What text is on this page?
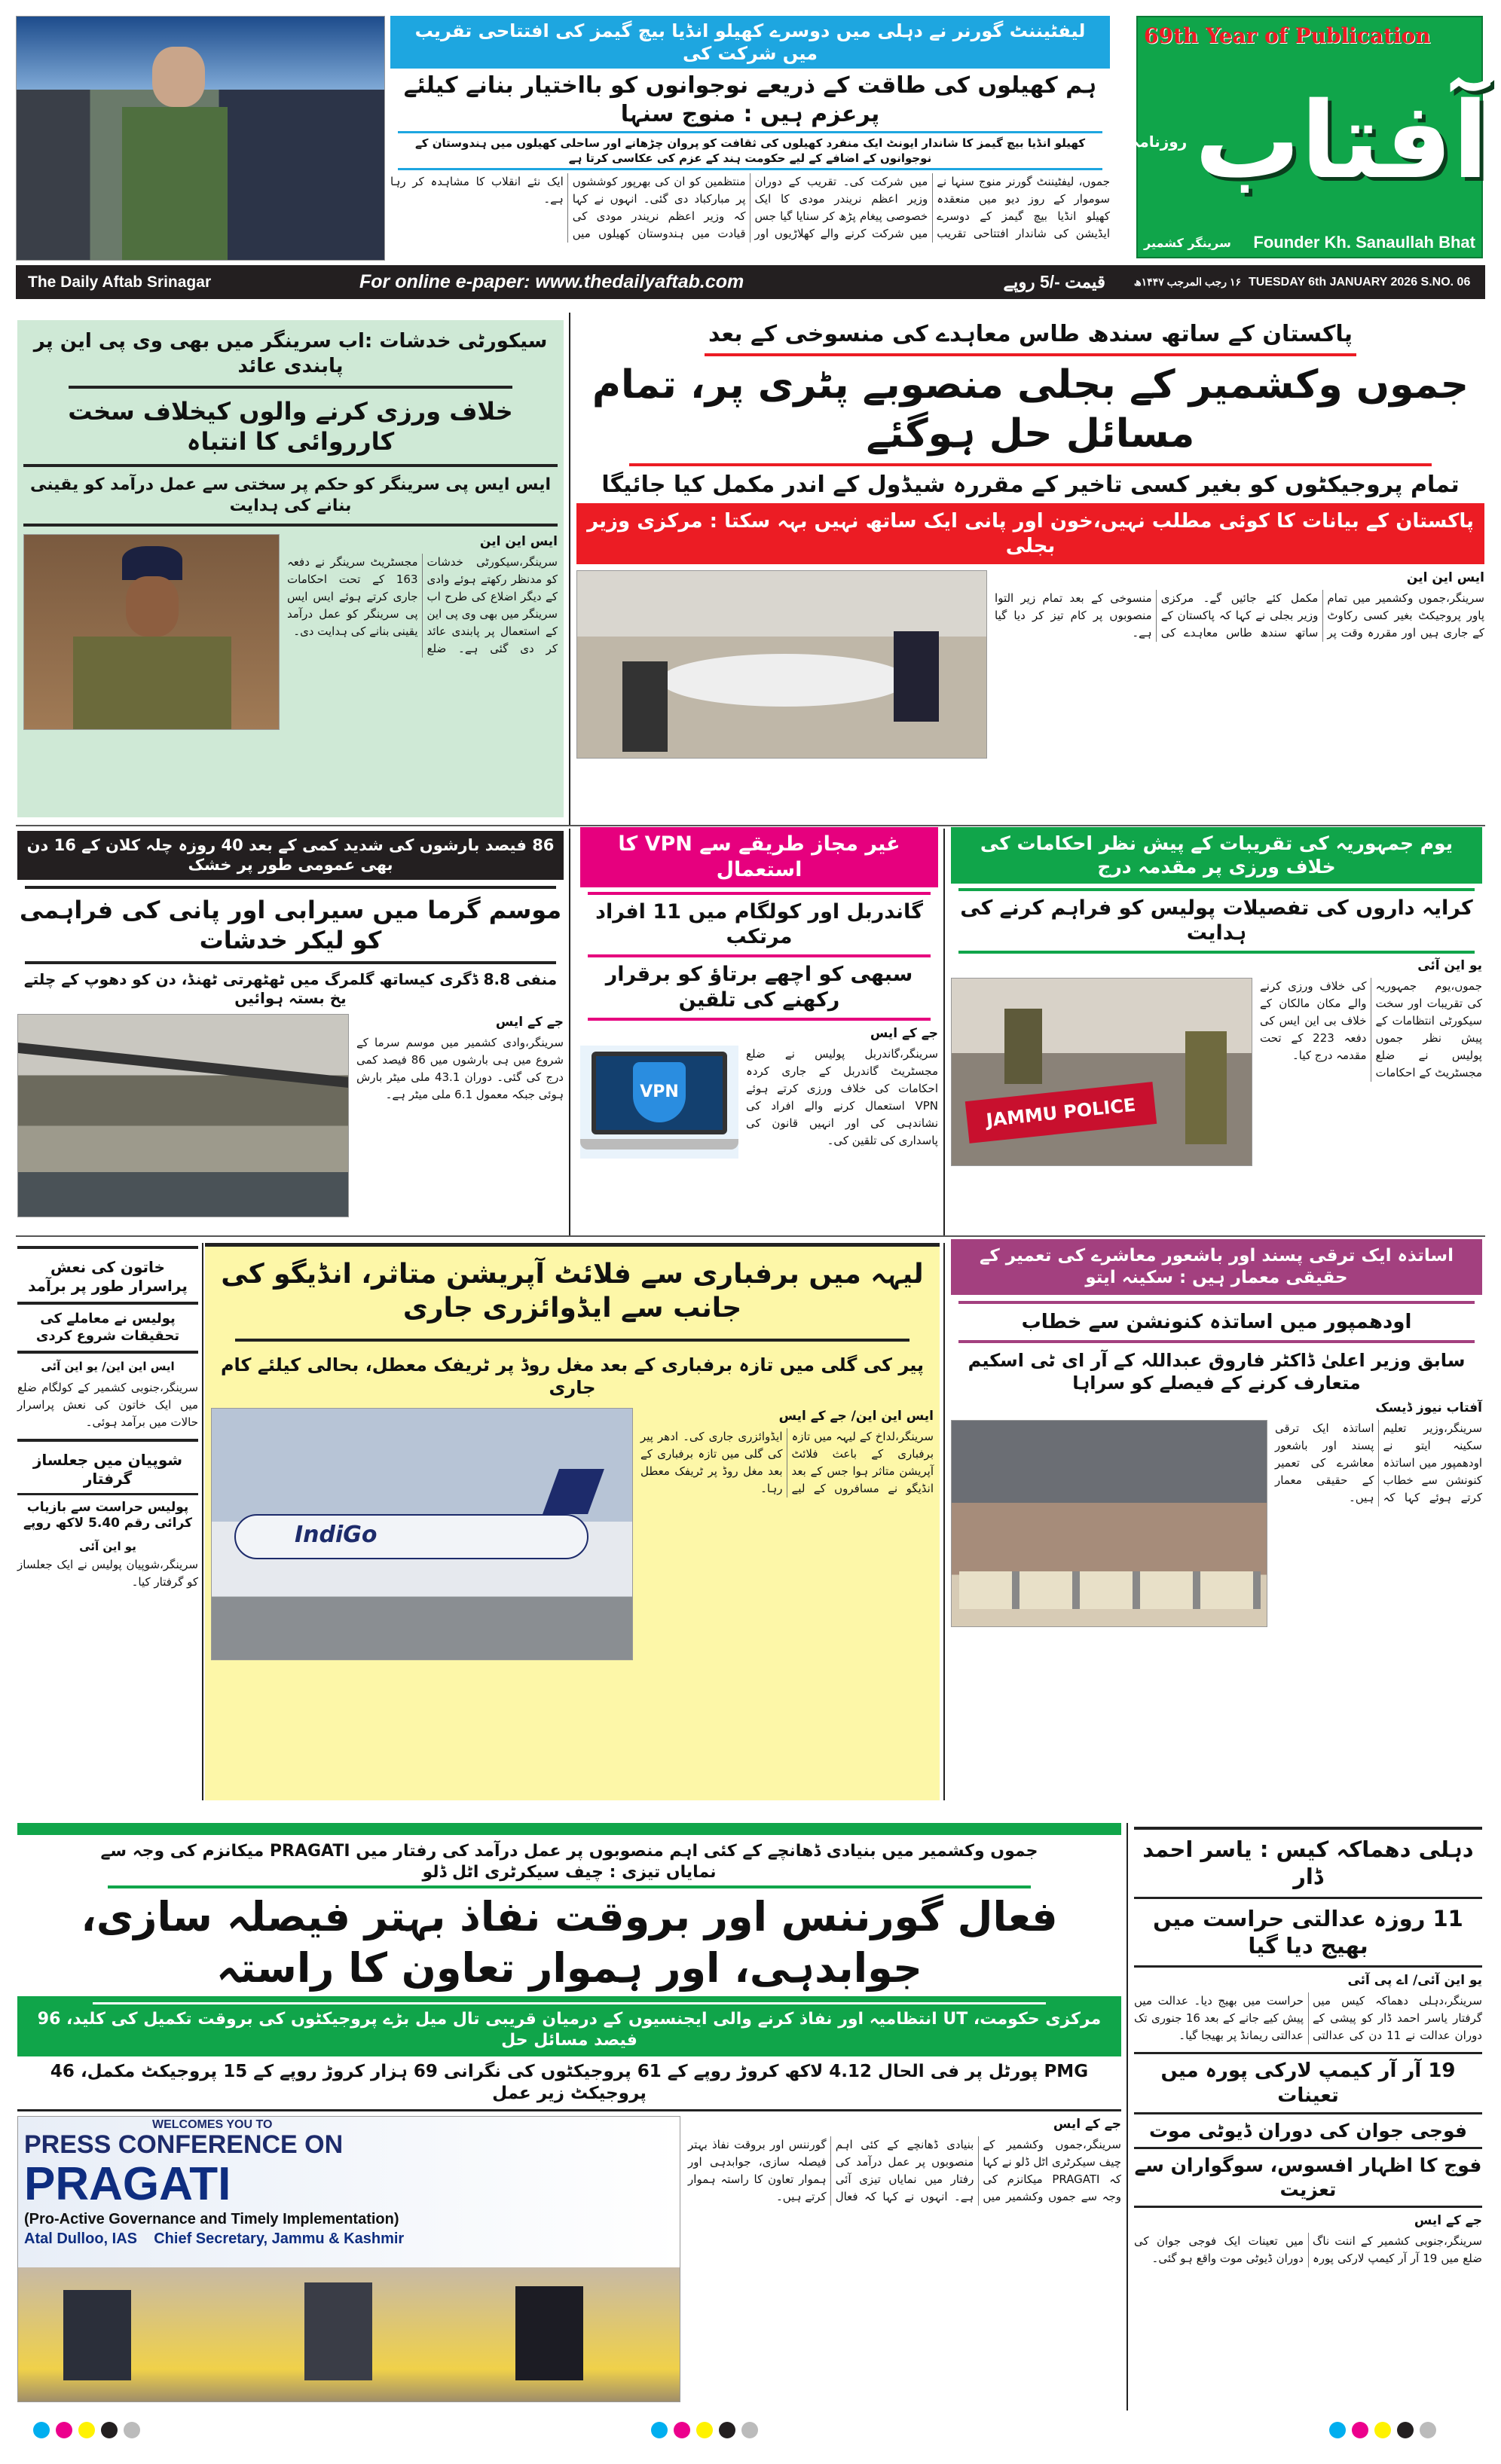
لیفٹیننٹ گورنر نے دہلی میں دوسرے کھیلو انڈیا بیچ گیمز کی افتتاحی تقریب میں شرکت کی
ہم کھیلوں کی طاقت کے ذریعے نوجوانوں کو بااختیار بنانے کیلئے پرعزم ہیں : منوج سنہا
کھیلو انڈیا بیچ گیمز کا شاندار ایونٹ ایک منفرد کھیلوں کی ثقافت کو پروان چڑھانے اور ساحلی کھیلوں میں ہندوستان کے نوجوانوں کے اضافے کے لیے حکومت ہند کے عزم کی عکاسی کرتا ہے
جموں، لیفٹیننٹ گورنر منوج سنہا نے سوموار کے روز دیو میں منعقدہ کھیلو انڈیا بیچ گیمز کے دوسرے ایڈیشن کی شاندار افتتاحی تقریب میں شرکت کی۔ تقریب کے دوران وزیر اعظم نریندر مودی کا ایک خصوصی پیغام پڑھ کر سنایا گیا جس میں شرکت کرنے والے کھلاڑیوں اور منتظمین کو ان کی بھرپور کوششوں پر مبارکباد دی گئی۔ انہوں نے کہا کہ وزیر اعظم نریندر مودی کی قیادت میں ہندوستان کھیلوں میں ایک نئے انقلاب کا مشاہدہ کر رہا ہے۔
69th Year of Publication
روزنامہ آفتاب
سرینگر کشمیر Founder Kh. Sanaullah Bhat
The Daily Aftab Srinagar	For online e-paper: www.thedailyaftab.com	قیمت -/5 روپے	۱۶ رجب المرجب ۱۴۴۷ھ TUESDAY 6th JANUARY 2026 S.NO. 06
سیکورٹی خدشات :اب سرینگر میں بھی وی پی این پر پابندی عائد
خلاف ورزی کرنے والوں کیخلاف سخت کارروائی کا انتباہ
ایس ایس پی سرینگر کو حکم پر سختی سے عمل درآمد کو یقینی بنانے کی ہدایت
ایس این این
سرینگر،سیکورٹی خدشات کو مدنظر رکھتے ہوئے وادی کے دیگر اضلاع کی طرح اب سرینگر میں بھی وی پی این کے استعمال پر پابندی عائد کر دی گئی ہے۔ ضلع مجسٹریٹ سرینگر نے دفعہ 163 کے تحت احکامات جاری کرتے ہوئے ایس ایس پی سرینگر کو عمل درآمد یقینی بنانے کی ہدایت دی۔
پاکستان کے ساتھ سندھ طاس معاہدے کی منسوخی کے بعد
جموں وکشمیر کے بجلی منصوبے پٹری پر، تمام مسائل حل ہوگئے
تمام پروجیکٹوں کو بغیر کسی تاخیر کے مقررہ شیڈول کے اندر مکمل کیا جائیگا
پاکستان کے بیانات کا کوئی مطلب نہیں،خون اور پانی ایک ساتھ نہیں بہہ سکتا : مرکزی وزیر بجلی
ایس این این
سرینگر،جموں وکشمیر میں تمام پاور پروجیکٹ بغیر کسی رکاوٹ کے جاری ہیں اور مقررہ وقت پر مکمل کئے جائیں گے۔ مرکزی وزیر بجلی نے کہا کہ پاکستان کے ساتھ سندھ طاس معاہدے کی منسوخی کے بعد تمام زیر التوا منصوبوں پر کام تیز کر دیا گیا ہے۔
86 فیصد بارشوں کی شدید کمی کے بعد 40 روزہ چلہ کلان کے 16 دن بھی عمومی طور پر خشک
موسم گرما میں سیرابی اور پانی کی فراہمی کو لیکر خدشات
منفی 8.8 ڈگری کیساتھ گلمرگ میں ٹھٹھرتی ٹھنڈ، دن کو دھوپ کے چلتے یخ بستہ ہوائیں
جے کے ایس
سرینگر،وادی کشمیر میں موسم سرما کے شروع میں ہی بارشوں میں 86 فیصد کمی درج کی گئی۔ دوران 43.1 ملی میٹر بارش ہوئی جبکہ معمول 6.1 ملی میٹر ہے۔
غیر مجاز طریقے سے VPN کا استعمال
گاندربل اور کولگام میں 11 افراد مرتکب
سبھی کو اچھے برتاؤ کو برقرار رکھنے کی تلقین
جے کے ایس
VPN
سرینگر،گاندربل پولیس نے ضلع مجسٹریٹ گاندربل کے جاری کردہ احکامات کی خلاف ورزی کرتے ہوئے VPN استعمال کرنے والے افراد کی نشاندہی کی اور انہیں قانون کی پاسداری کی تلقین کی۔
یوم جمہوریہ کی تقریبات کے پیش نظر احکامات کی خلاف ورزی پر مقدمہ درج
کرایہ داروں کی تفصیلات پولیس کو فراہم کرنے کی ہدایت
یو این آئی
JAMMU POLICE
جموں،یوم جمہوریہ کی تقریبات اور سخت سیکورٹی انتظامات کے پیش نظر جموں پولیس نے ضلع مجسٹریٹ کے احکامات کی خلاف ورزی کرنے والے مکان مالکان کے خلاف بی این ایس کی دفعہ 223 کے تحت مقدمہ درج کیا۔
خاتون کی نعش پراسرار طور پر برآمد
پولیس نے معاملے کی تحقیقات شروع کردی
ایس این این/ یو این آئی
سرینگر،جنوبی کشمیر کے کولگام ضلع میں ایک خاتون کی نعش پراسرار حالات میں برآمد ہوئی۔
شوپیان میں جعلساز گرفتار
پولیس حراست سے بازیاب کرائی رقم 5.40 لاکھ روپے
یو این آئی
سرینگر،شوپیان پولیس نے ایک جعلساز کو گرفتار کیا۔
لیہہ میں برفباری سے فلائٹ آپریشن متاثر، انڈیگو کی جانب سے ایڈوائزری جاری
پیر کی گلی میں تازہ برفباری کے بعد مغل روڈ پر ٹریفک معطل، بحالی کیلئے کام جاری
IndiGo
ایس این این/ جے کے ایس
سرینگر،لداخ کے لیہہ میں تازہ برفباری کے باعث فلائٹ آپریشن متاثر ہوا جس کے بعد انڈیگو نے مسافروں کے لیے ایڈوائزری جاری کی۔ ادھر پیر کی گلی میں تازہ برفباری کے بعد مغل روڈ پر ٹریفک معطل رہا۔
اساتذہ ایک ترقی پسند اور باشعور معاشرے کی تعمیر کے حقیقی معمار ہیں : سکینہ ایتو
اودھمپور میں اساتذہ کنونشن سے خطاب
سابق وزیر اعلیٰ ڈاکٹر فاروق عبداللہ کے آر ای ٹی اسکیم متعارف کرنے کے فیصلے کو سراہا
آفتاب نیوز ڈیسک
سرینگر،وزیر تعلیم سکینہ ایتو نے اودھمپور میں اساتذہ کنونشن سے خطاب کرتے ہوئے کہا کہ اساتذہ ایک ترقی پسند اور باشعور معاشرے کی تعمیر کے حقیقی معمار ہیں۔
جموں وکشمیر میں بنیادی ڈھانچے کے کئی اہم منصوبوں پر عمل درآمد کی رفتار میں PRAGATI میکانزم کی وجہ سے نمایاں تیزی : چیف سیکرٹری اٹل ڈلو
فعال گورننس اور بروقت نفاذ بہتر فیصلہ سازی، جوابدہی، اور ہموار تعاون کا راستہ
مرکزی حکومت، UT انتظامیہ اور نفاذ کرنے والی ایجنسیوں کے درمیان قریبی تال میل بڑے پروجیکٹوں کی بروقت تکمیل کی کلید، 96 فیصد مسائل حل
PMG پورٹل پر فی الحال 4.12 لاکھ کروڑ روپے کے 61 پروجیکٹوں کی نگرانی 69 ہزار کروڑ روپے کے 15 پروجیکٹ مکمل، 46 پروجیکٹ زیر عمل
WELCOMES YOU TO
PRESS CONFERENCE ON
PRAGATI
(Pro-Active Governance and Timely Implementation)
Atal Dulloo, IAS    Chief Secretary, Jammu & Kashmir
جے کے ایس
سرینگر،جموں وکشمیر کے چیف سیکرٹری اٹل ڈلو نے کہا کہ PRAGATI میکانزم کی وجہ سے جموں وکشمیر میں بنیادی ڈھانچے کے کئی اہم منصوبوں پر عمل درآمد کی رفتار میں نمایاں تیزی آئی ہے۔ انہوں نے کہا کہ فعال گورننس اور بروقت نفاذ بہتر فیصلہ سازی، جوابدہی اور ہموار تعاون کا راستہ ہموار کرتے ہیں۔
دہلی دھماکہ کیس : یاسر احمد ڈار
11 روزہ عدالتی حراست میں بھیج دیا گیا
یو این آئی/ اے پی آئی
سرینگر،دہلی دھماکہ کیس میں گرفتار یاسر احمد ڈار کو پیشی کے دوران عدالت نے 11 دن کی عدالتی حراست میں بھیج دیا۔ عدالت میں پیش کیے جانے کے بعد 16 جنوری تک عدالتی ریمانڈ پر بھیجا گیا۔
19 آر آر کیمپ لارکی پورہ میں تعینات
فوجی جوان کی دوران ڈیوٹی موت
فوج کا اظہار افسوس، سوگواران سے تعزیت
جے کے ایس
سرینگر،جنوبی کشمیر کے اننت ناگ ضلع میں 19 آر آر کیمپ لارکی پورہ میں تعینات ایک فوجی جوان کی دوران ڈیوٹی موت واقع ہو گئی۔
